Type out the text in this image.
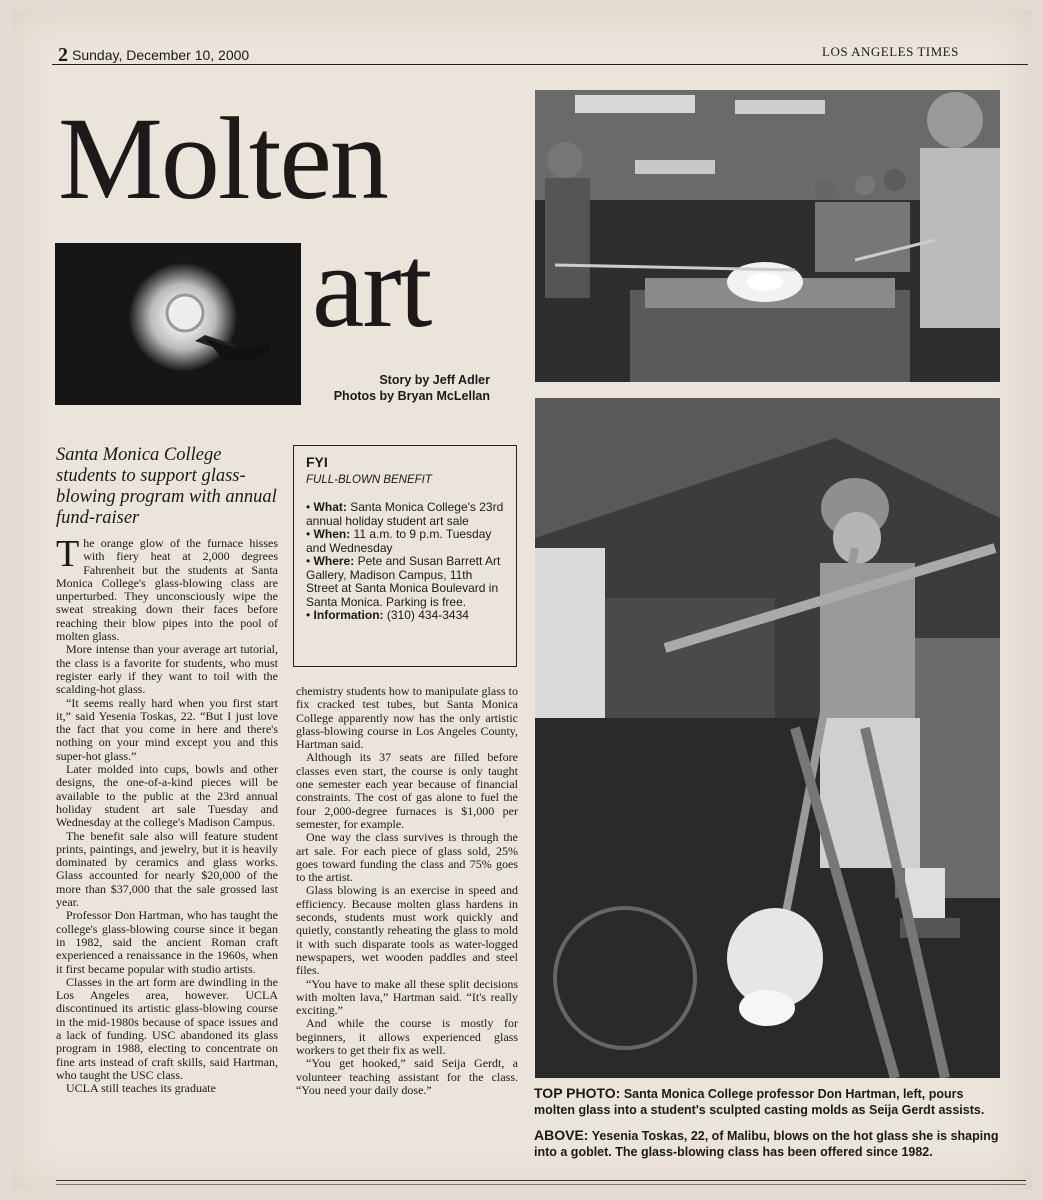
2 Sunday, December 10, 2000	LOS ANGELES TIMES
Molten
art
Story by Jeff Adler
Photos by Bryan McLellan
Santa Monica College students to support glass-blowing program with annual fund-raiser

The orange glow of the furnace hisses with fiery heat at 2,000 degrees Fahrenheit but the students at Santa Monica College's glass-blowing class are unperturbed. They unconsciously wipe the sweat streaking down their faces before reaching their blow pipes into the pool of molten glass.

More intense than your average art tutorial, the class is a favorite for students, who must register early if they want to toil with the scalding-hot glass.

“It seems really hard when you first start it,” said Yesenia Toskas, 22. “But I just love the fact that you come in here and there's nothing on your mind except you and this super-hot glass.”

Later molded into cups, bowls and other designs, the one-of-a-kind pieces will be available to the public at the 23rd annual holiday student art sale Tuesday and Wednesday at the college's Madison Campus.

The benefit sale also will feature student prints, paintings, and jewelry, but it is heavily dominated by ceramics and glass works. Glass accounted for nearly $20,000 of the more than $37,000 that the sale grossed last year.

Professor Don Hartman, who has taught the college's glass-blowing course since it began in 1982, said the ancient Roman craft experienced a renaissance in the 1960s, when it first became popular with studio artists.

Classes in the art form are dwindling in the Los Angeles area, however. UCLA discontinued its artistic glass-blowing course in the mid-1980s because of space issues and a lack of funding. USC abandoned its glass program in 1988, electing to concentrate on fine arts instead of craft skills, said Hartman, who taught the USC class.

UCLA still teaches its graduate

FYI
FULL-BLOWN BENEFIT
• What: Santa Monica College's 23rd annual holiday student art sale
• When: 11 a.m. to 9 p.m. Tuesday and Wednesday
• Where: Pete and Susan Barrett Art Gallery, Madison Campus, 11th Street at Santa Monica Boulevard in Santa Monica. Parking is free.
• Information: (310) 434-3434

chemistry students how to manipulate glass to fix cracked test tubes, but Santa Monica College apparently now has the only artistic glass-blowing course in Los Angeles County, Hartman said.

Although its 37 seats are filled before classes even start, the course is only taught one semester each year because of financial constraints. The cost of gas alone to fuel the four 2,000-degree furnaces is $1,000 per semester, for example.

One way the class survives is through the art sale. For each piece of glass sold, 25% goes toward funding the class and 75% goes to the artist.

Glass blowing is an exercise in speed and efficiency. Because molten glass hardens in seconds, students must work quickly and quietly, constantly reheating the glass to mold it with such disparate tools as water-logged newspapers, wet wooden paddles and steel files.

“You have to make all these split decisions with molten lava,” Hartman said. “It's really exciting.”

And while the course is mostly for beginners, it allows experienced glass workers to get their fix as well.

“You get hooked,” said Seija Gerdt, a volunteer teaching assistant for the class. “You need your daily dose.”	TOP PHOTO: Santa Monica College professor Don Hartman, left, pours molten glass into a student's sculpted casting molds as Seija Gerdt assists.
ABOVE: Yesenia Toskas, 22, of Malibu, blows on the hot glass she is shaping into a goblet. The glass-blowing class has been offered since 1982.
